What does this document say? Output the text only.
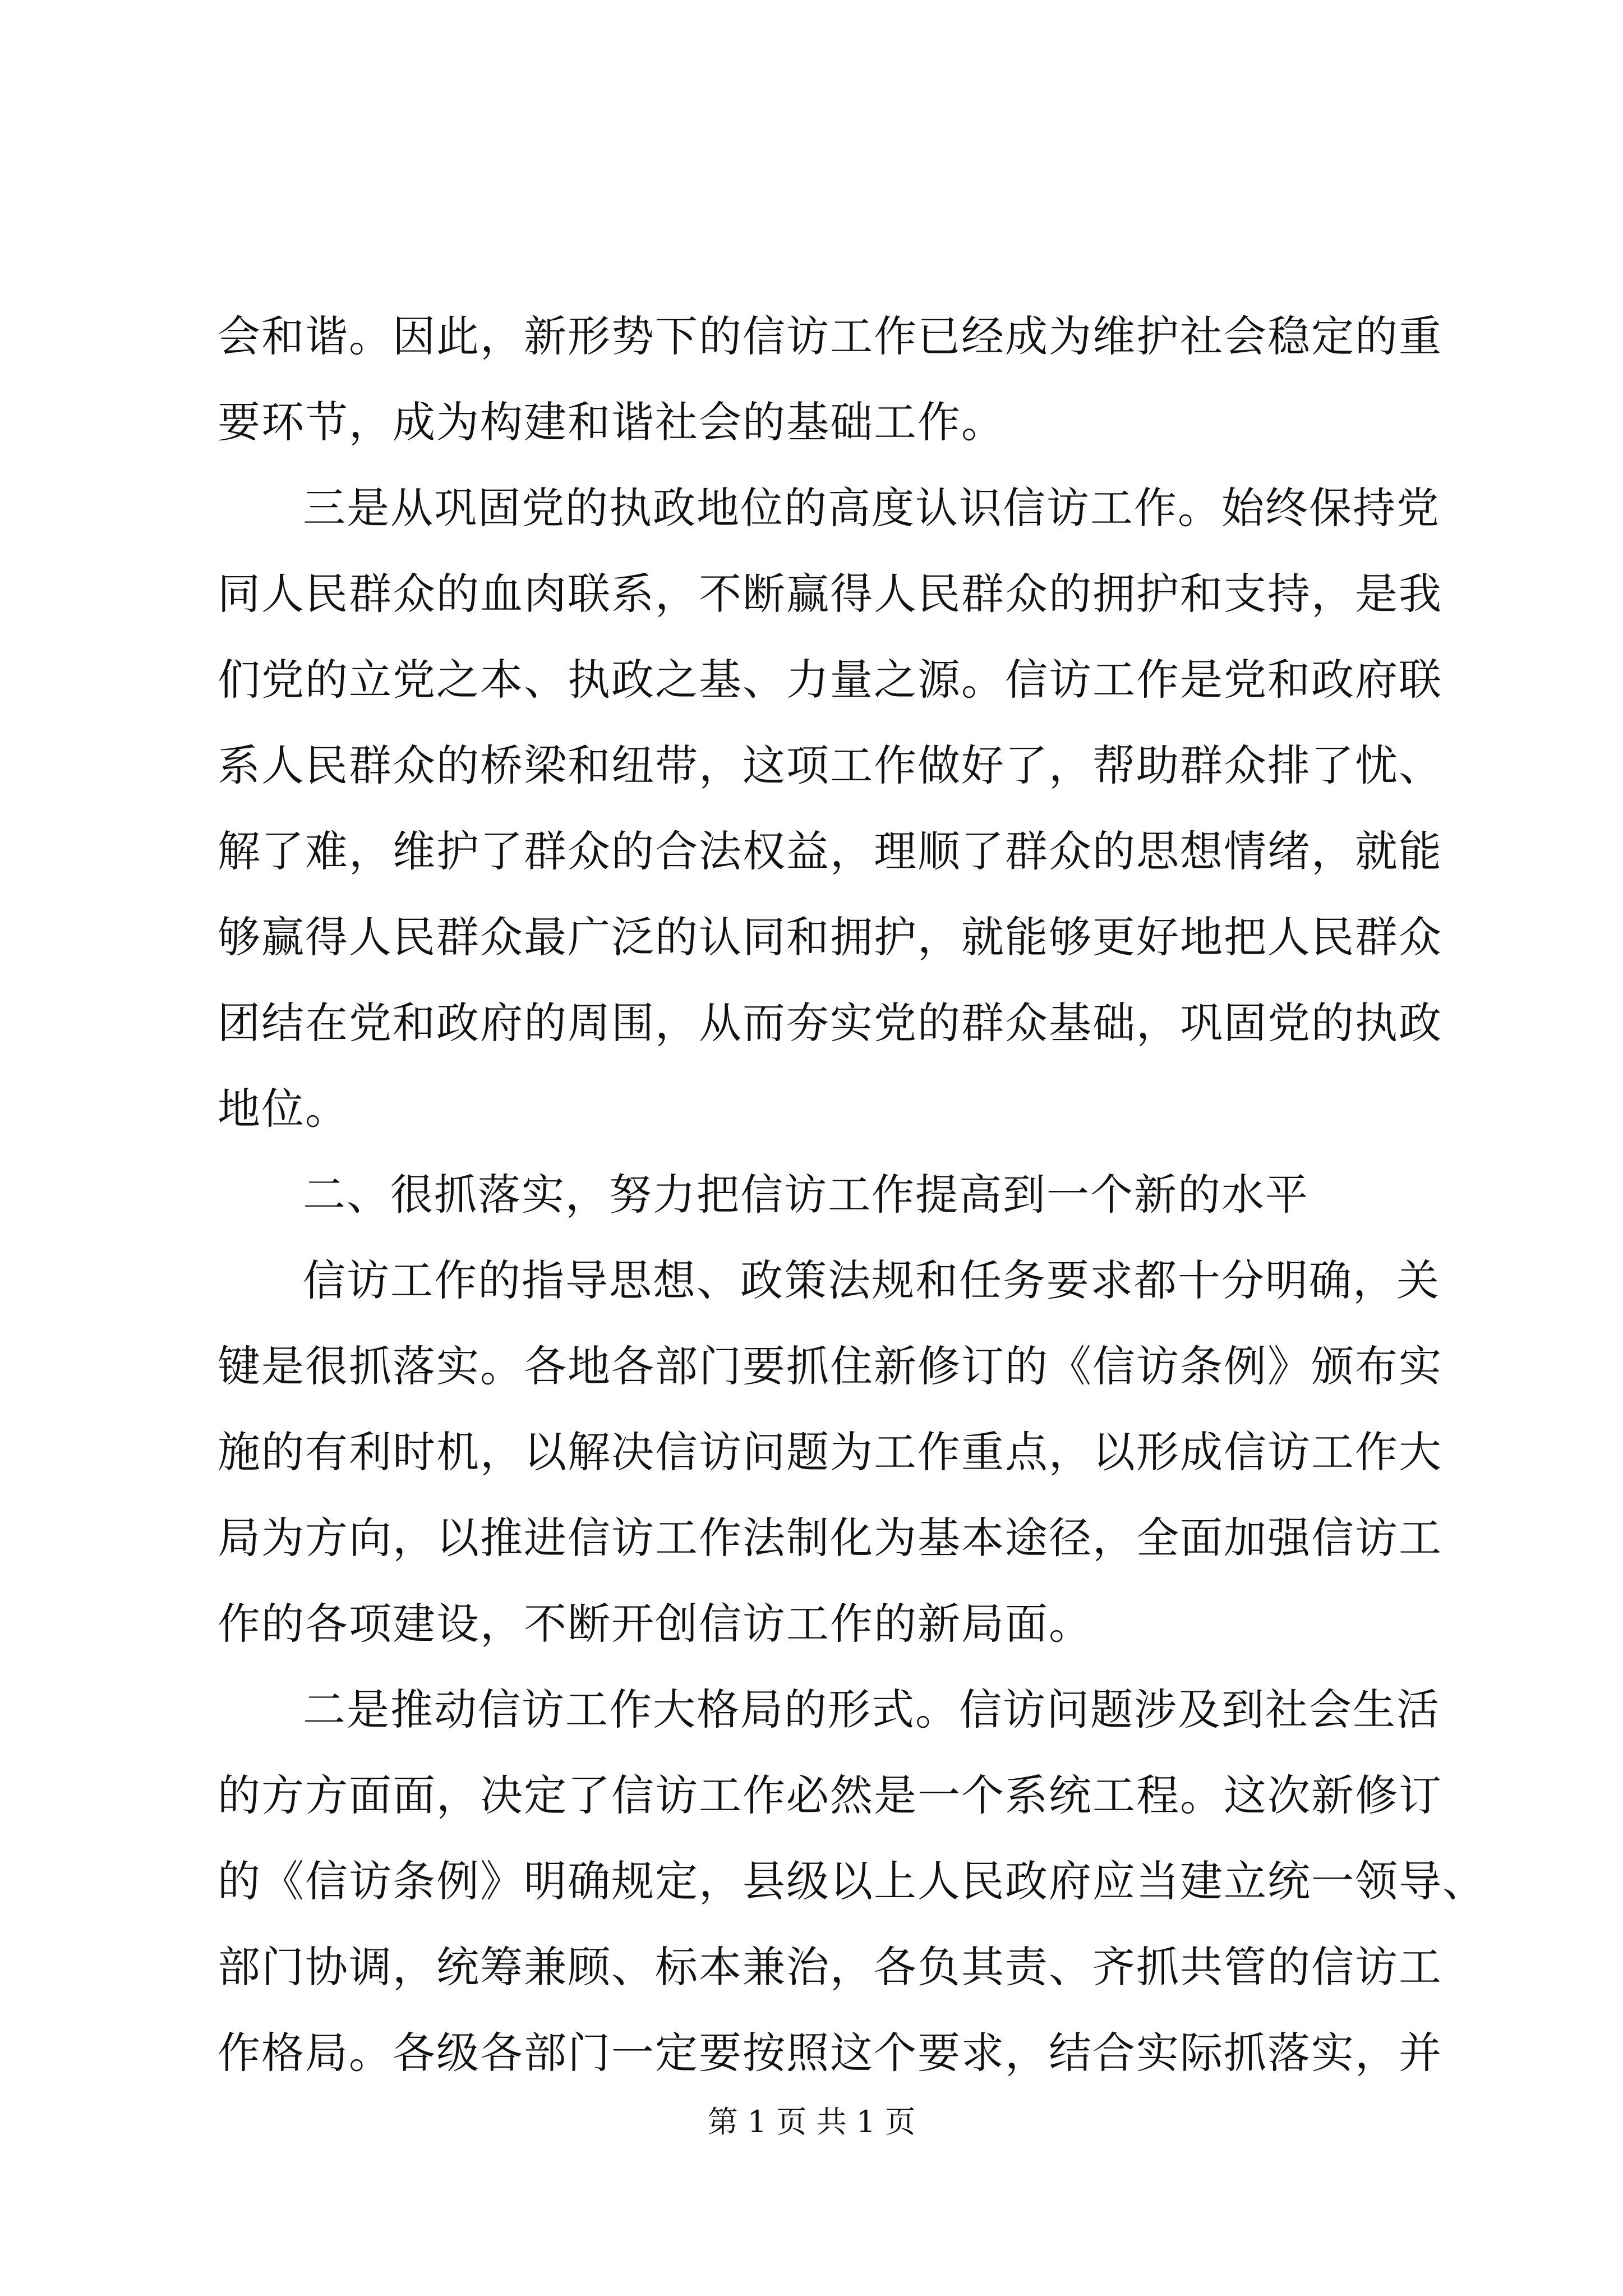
会和谐。因此，新形势下的信访工作已经成为维护社会稳定的重
要环节，成为构建和谐社会的基础工作。
三是从巩固党的执政地位的高度认识信访工作。始终保持党
同人民群众的血肉联系，不断赢得人民群众的拥护和支持，是我
们党的立党之本、执政之基、力量之源。信访工作是党和政府联
系人民群众的桥梁和纽带，这项工作做好了，帮助群众排了忧、
解了难，维护了群众的合法权益，理顺了群众的思想情绪，就能
够赢得人民群众最广泛的认同和拥护，就能够更好地把人民群众
团结在党和政府的周围，从而夯实党的群众基础，巩固党的执政
地位。
二、很抓落实，努力把信访工作提高到一个新的水平
信访工作的指导思想、政策法规和任务要求都十分明确，关
键是很抓落实。各地各部门要抓住新修订的《信访条例》颁布实
施的有利时机，以解决信访问题为工作重点，以形成信访工作大
局为方向，以推进信访工作法制化为基本途径，全面加强信访工
作的各项建设，不断开创信访工作的新局面。
二是推动信访工作大格局的形式。信访问题涉及到社会生活
的方方面面，决定了信访工作必然是一个系统工程。这次新修订
的《信访条例》明确规定，县级以上人民政府应当建立统一领导、
部门协调，统筹兼顾、标本兼治，各负其责、齐抓共管的信访工
作格局。各级各部门一定要按照这个要求，结合实际抓落实，并
第 1 页 共 1 页
